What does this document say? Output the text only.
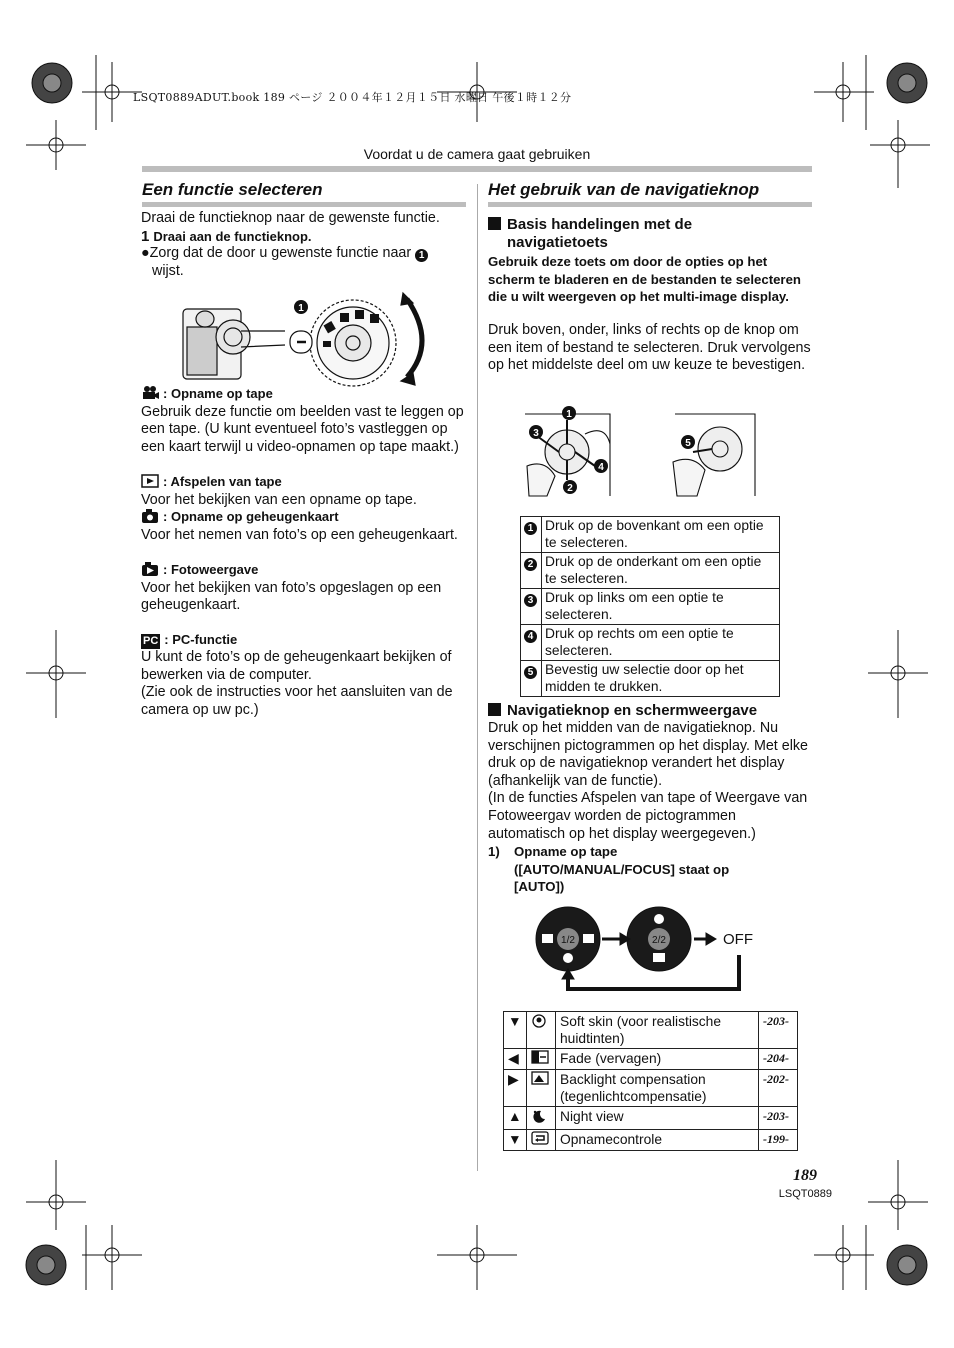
LSQT0889ADUT.book 189 ページ ２００４年１２月１５日 水曜日 午後１時１２分
Voordat u de camera gaat gebruiken
Een functie selecteren
Draai de functieknop naar de gewenste functie.
1 Draai aan de functieknop.
●Zorg dat de door u gewenste functie naar 1
wijst.
1
: Opname op tape
Gebruik deze functie om beelden vast te leggen op een tape. (U kunt eventueel foto’s vastleggen op een kaart terwijl u video-opnamen op tape maakt.)
: Afspelen van tape
Voor het bekijken van een opname op tape.
: Opname op geheugenkaart
Voor het nemen van foto’s op een geheugenkaart.
: Fotoweergave
Voor het bekijken van foto’s opgeslagen op een geheugenkaart.

PC : PC-functie
U kunt de foto’s op de geheugenkaart bekijken of bewerken via de computer.
(Zie ook de instructies voor het aansluiten van de camera op uw pc.)

Het gebruik van de navigatieknop
Basis handelingen met de navigatietoets
Gebruik deze toets om door de opties op het scherm te bladeren en de bestanden te selecteren die u wilt weergeven op het multi-image display.
Druk boven, onder, links of rechts op de knop om een item of bestand te selecteren. Druk vervolgens op het middelste deel om uw keuze te bevestigen.
1
2
3
4
5
1	Druk op de bovenkant om een optie te selecteren.
2	Druk op de onderkant om een optie te selecteren.
3	Druk op links om een optie te selecteren.
4	Druk op rechts om een optie te selecteren.
5	Bevestig uw selectie door op het midden te drukken.
Navigatieknop en schermweergave
Druk op het midden van de navigatieknop. Nu verschijnen pictogrammen op het display. Met elke druk op de navigatieknop verandert het display (afhankelijk van de functie).
(In de functies Afspelen van tape of Weergave van Fotoweergav worden de pictogrammen automatisch op het display weergegeven.)
1) Opname op tape ([AUTO/MANUAL/FOCUS] staat op [AUTO])
1/2	2/2	OFF
▼		Soft skin (voor realistische huidtinten)	-203-
◀		Fade (vervagen)	-204-
▶		Backlight compensation (tegenlichtcompensatie)	-202-
▲		Night view	-203-
▼		Opnamecontrole	-199-
189
LSQT0889
